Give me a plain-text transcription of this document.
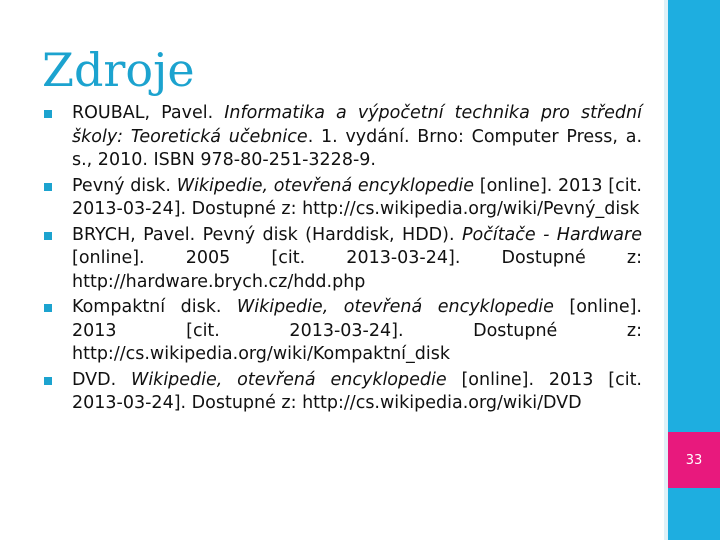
Zdroje
ROUBAL, Pavel. Informatika a výpočetní technika pro střední školy: Teoretická učebnice. 1. vydání. Brno: Computer Press, a. s., 2010. ISBN 978-80-251-3228-9.
Pevný disk. Wikipedie, otevřená encyklopedie [online]. 2013 [cit. 2013-03-24]. Dostupné z: http://cs.wikipedia.org/wiki/Pevný_disk
BRYCH, Pavel. Pevný disk (Harddisk, HDD). Počítače - Hardware [online]. 2005 [cit. 2013-03-24]. Dostupné z: http://hardware.brych.cz/hdd.php
Kompaktní disk. Wikipedie, otevřená encyklopedie [online]. 2013 [cit. 2013-03-24]. Dostupné z: http://cs.wikipedia.org/wiki/Kompaktní_disk
DVD. Wikipedie, otevřená encyklopedie [online]. 2013 [cit. 2013-03-24]. Dostupné z: http://cs.wikipedia.org/wiki/DVD
33
